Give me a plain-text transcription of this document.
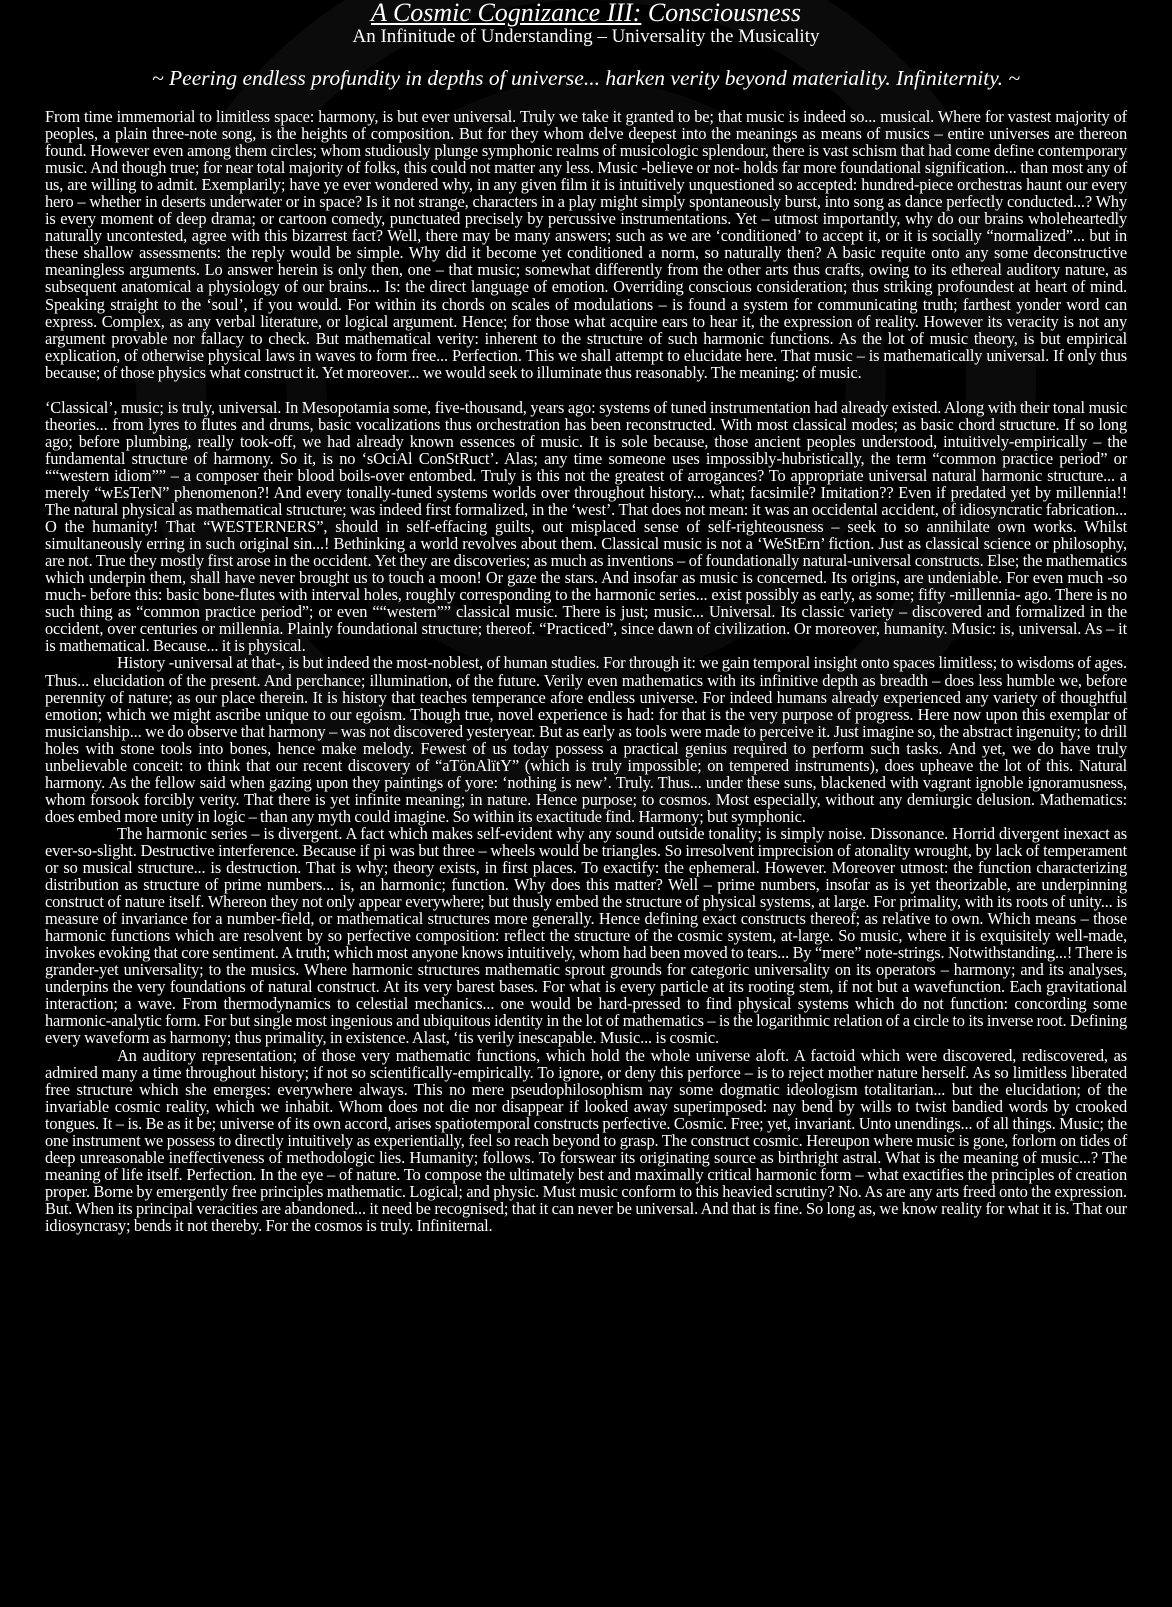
A Cosmic Cognizance III: Consciousness
An Infinitude of Understanding – Universality the Musicality
~ Peering endless profundity in depths of universe... harken verity beyond materiality. Infiniternity. ~

From time immemorial to limitless space: harmony, is but ever universal. Truly we take it granted to be; that music is indeed so... musical. Where for vastest majority of peoples, a plain three-note song, is the heights of composition. But for they whom delve deepest into the meanings as means of musics – entire universes are thereon found. However even among them circles; whom studiously plunge symphonic realms of musicologic splendour, there is vast schism that had come define contemporary music. And though true; for near total majority of folks, this could not matter any less. Music -believe or not- holds far more foundational signification... than most any of us, are willing to admit. Exemplarily; have ye ever wondered why, in any given film it is intuitively unquestioned so accepted: hundred-piece orchestras haunt our every hero – whether in deserts underwater or in space? Is it not strange, characters in a play might simply spontaneously burst, into song as dance perfectly conducted...? Why is every moment of deep drama; or cartoon comedy, punctuated precisely by percussive instrumentations. Yet – utmost importantly, why do our brains wholeheartedly naturally uncontested, agree with this bizarrest fact? Well, there may be many answers; such as we are ‘conditioned’ to accept it, or it is socially “normalized”... but in these shallow assessments: the reply would be simple. Why did it become yet conditioned a norm, so naturally then? A basic requite onto any some deconstructive meaningless arguments. Lo answer herein is only then, one – that music; somewhat differently from the other arts thus crafts, owing to its ethereal auditory nature, as subsequent anatomical a physiology of our brains... Is: the direct language of emotion. Overriding conscious consideration; thus striking profoundest at heart of mind. Speaking straight to the ‘soul’, if you would. For within its chords on scales of modulations – is found a system for communicating truth; farthest yonder word can express. Complex, as any verbal literature, or logical argument. Hence; for those what acquire ears to hear it, the expression of reality. However its veracity is not any argument provable nor fallacy to check. But mathematical verity: inherent to the structure of such harmonic functions. As the lot of music theory, is but empirical explication, of otherwise physical laws in waves to form free... Perfection. This we shall attempt to elucidate here. That music – is mathematically universal. If only thus because; of those physics what construct it. Yet moreover... we would seek to illuminate thus reasonably. The meaning: of music.

‘Classical’, music; is truly, universal. In Mesopotamia some, five-thousand, years ago: systems of tuned instrumentation had already existed. Along with their tonal music theories... from lyres to flutes and drums, basic vocalizations thus orchestration has been reconstructed. With most classical modes; as basic chord structure. If so long ago; before plumbing, really took-off, we had already known essences of music. It is sole because, those ancient peoples understood, intuitively-empirically – the fundamental structure of harmony. So it, is no ‘sOciAl ConStRuct’. Alas; any time someone uses impossibly-hubristically, the term “common practice period” or ““western idiom”” – a composer their blood boils-over entombed. Truly is this not the greatest of arrogances? To appropriate universal natural harmonic structure... a merely “wEsTerN” phenomenon?! And every tonally-tuned systems worlds over throughout history... what; facsimile? Imitation?? Even if predated yet by millennia!! The natural physical as mathematical structure; was indeed first formalized, in the ‘west’. That does not mean: it was an occidental accident, of idiosyncratic fabrication... O the humanity! That “WESTERNERS”, should in self-effacing guilts, out misplaced sense of self-righteousness – seek to so annihilate own works. Whilst simultaneously erring in such original sin...! Bethinking a world revolves about them. Classical music is not a ‘WeStErn’ fiction. Just as classical science or philosophy, are not. True they mostly first arose in the occident. Yet they are discoveries; as much as inventions – of foundationally natural-universal constructs. Else; the mathematics which underpin them, shall have never brought us to touch a moon! Or gaze the stars. And insofar as music is concerned. Its origins, are undeniable. For even much -so much- before this: basic bone-flutes with interval holes, roughly corresponding to the harmonic series... exist possibly as early, as some; fifty -millennia- ago. There is no such thing as “common practice period”; or even ““western”” classical music. There is just; music... Universal. Its classic variety – discovered and formalized in the occident, over centuries or millennia. Plainly foundational structure; thereof. “Practiced”, since dawn of civilization. Or moreover, humanity. Music: is, universal. As – it is mathematical. Because... it is physical.

History -universal at that-, is but indeed the most-noblest, of human studies. For through it: we gain temporal insight onto spaces limitless; to wisdoms of ages. Thus... elucidation of the present. And perchance; illumination, of the future. Verily even mathematics with its infinitive depth as breadth – does less humble we, before perennity of nature; as our place therein. It is history that teaches temperance afore endless universe. For indeed humans already experienced any variety of thoughtful emotion; which we might ascribe unique to our egoism. Though true, novel experience is had: for that is the very purpose of progress. Here now upon this exemplar of musicianship... we do observe that harmony – was not discovered yesteryear. But as early as tools were made to perceive it. Just imagine so, the abstract ingenuity; to drill holes with stone tools into bones, hence make melody. Fewest of us today possess a practical genius required to perform such tasks. And yet, we do have truly unbelievable conceit: to think that our recent discovery of “aTönAlïtY” (which is truly impossible; on tempered instruments), does upheave the lot of this. Natural harmony. As the fellow said when gazing upon they paintings of yore: ‘nothing is new’. Truly. Thus... under these suns, blackened with vagrant ignoble ignoramusness, whom forsook forcibly verity. That there is yet infinite meaning; in nature. Hence purpose; to cosmos. Most especially, without any demiurgic delusion. Mathematics: does embed more unity in logic – than any myth could imagine. So within its exactitude find. Harmony; but symphonic.

The harmonic series – is divergent. A fact which makes self-evident why any sound outside tonality; is simply noise. Dissonance. Horrid divergent inexact as ever-so-slight. Destructive interference. Because if pi was but three – wheels would be triangles. So irresolvent imprecision of atonality wrought, by lack of temperament or so musical structure... is destruction. That is why; theory exists, in first places. To exactify: the ephemeral. However. Moreover utmost: the function characterizing distribution as structure of prime numbers... is, an harmonic; function. Why does this matter? Well – prime numbers, insofar as is yet theorizable, are underpinning construct of nature itself. Whereon they not only appear everywhere; but thusly embed the structure of physical systems, at large. For primality, with its roots of unity... is measure of invariance for a number-field, or mathematical structures more generally. Hence defining exact constructs thereof; as relative to own. Which means – those harmonic functions which are resolvent by so perfective composition: reflect the structure of the cosmic system, at-large. So music, where it is exquisitely well-made, invokes evoking that core sentiment. A truth; which most anyone knows intuitively, whom had been moved to tears... By “mere” note-strings. Notwithstanding...! There is grander-yet universality; to the musics. Where harmonic structures mathematic sprout grounds for categoric universality on its operators – harmony; and its analyses, underpins the very foundations of natural construct. At its very barest bases. For what is every particle at its rooting stem, if not but a wavefunction. Each gravitational interaction; a wave. From thermodynamics to celestial mechanics... one would be hard-pressed to find physical systems which do not function: concording some harmonic-analytic form. For but single most ingenious and ubiquitous identity in the lot of mathematics – is the logarithmic relation of a circle to its inverse root. Defining every waveform as harmony; thus primality, in existence. Alast, ‘tis verily inescapable. Music... is cosmic.

An auditory representation; of those very mathematic functions, which hold the whole universe aloft. A factoid which were discovered, rediscovered, as admired many a time throughout history; if not so scientifically-empirically. To ignore, or deny this perforce – is to reject mother nature herself. As so limitless liberated free structure which she emerges: everywhere always. This no mere pseudophilosophism nay some dogmatic ideologism totalitarian... but the elucidation; of the invariable cosmic reality, which we inhabit. Whom does not die nor disappear if looked away superimposed: nay bend by wills to twist bandied words by crooked tongues. It – is. Be as it be; universe of its own accord, arises spatiotemporal constructs perfective. Cosmic. Free; yet, invariant. Unto unendings... of all things. Music; the one instrument we possess to directly intuitively as experientially, feel so reach beyond to grasp. The construct cosmic. Hereupon where music is gone, forlorn on tides of deep unreasonable ineffectiveness of methodologic lies. Humanity; follows. To forswear its originating source as birthright astral. What is the meaning of music...? The meaning of life itself. Perfection. In the eye – of nature. To compose the ultimately best and maximally critical harmonic form – what exactifies the principles of creation proper. Borne by emergently free principles mathematic. Logical; and physic. Must music conform to this heavied scrutiny? No. As are any arts freed onto the expression. But. When its principal veracities are abandoned... it need be recognised; that it can never be universal. And that is fine. So long as, we know reality for what it is. That our idiosyncrasy; bends it not thereby. For the cosmos is truly. Infiniternal.
